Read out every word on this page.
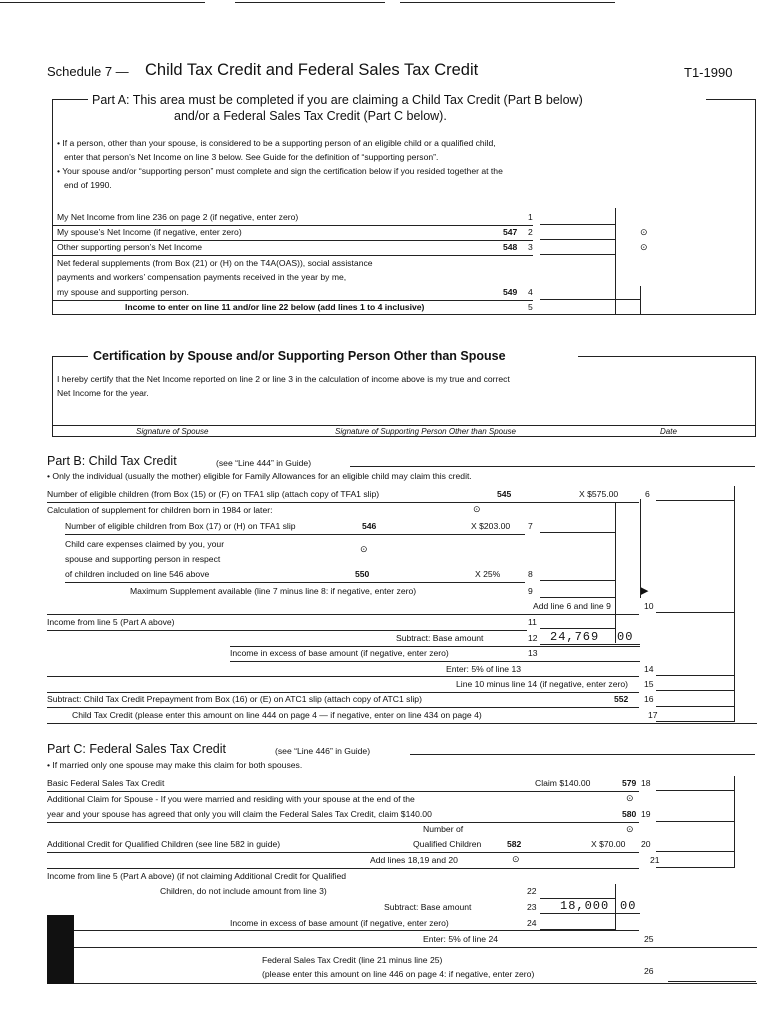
Schedule 7 — Child Tax Credit and Federal Sales Tax Credit	T1-1990
Part A: This area must be completed if you are claiming a Child Tax Credit (Part B below)
and/or a Federal Sales Tax Credit (Part C below).
• If a person, other than your spouse, is considered to be a supporting person of an eligible child or a qualified child,
enter that person’s Net Income on line 3 below. See Guide for the definition of “supporting person”.
• Your spouse and/or “supporting person” must complete and sign the certification below if you resided together at the
end of 1990.
My Net Income from line 236 on page 2 (if negative, enter zero)	1
My spouse’s Net Income (if negative, enter zero)	547 2	⊙
Other supporting person’s Net Income	548 3	⊙
Net federal supplements (from Box (21) or (H) on the T4A(OAS)), social assistance
payments and workers’ compensation payments received in the year by me,
my spouse and supporting person.	549 4
Income to enter on line 11 and/or line 22 below (add lines 1 to 4 inclusive)	5
Certification by Spouse and/or Supporting Person Other than Spouse
I hereby certify that the Net Income reported on line 2 or line 3 in the calculation of income above is my true and correct
Net Income for the year.
Signature of Spouse	Signature of Supporting Person Other than Spouse	Date
Part B: Child Tax Credit	(see “Line 444” in Guide)
• Only the individual (usually the mother) eligible for Family Allowances for an eligible child may claim this credit.
Number of eligible children (from Box (15) or (F) on TFA1 slip (attach copy of TFA1 slip)	545	X $575.00	6
Calculation of supplement for children born in 1984 or later:	⊙
Number of eligible children from Box (17) or (H) on TFA1 slip	546	X $203.00 7
Child care expenses claimed by you, your	⊙
spouse and supporting person in respect
of children included on line 546 above	550	X 25%	8
Maximum Supplement available (line 7 minus line 8: if negative, enter zero)	9	▶
Add line 6 and line 9	10
Income from line 5 (Part A above)	11
Subtract: Base amount	12 24,769 00
Income in excess of base amount (if negative, enter zero)	13
Enter: 5% of line 13	14
Line 10 minus line 14 (if negative, enter zero) 15
Subtract: Child Tax Credit Prepayment from Box (16) or (E) on ATC1 slip (attach copy of ATC1 slip)	552 16
Child Tax Credit (please enter this amount on line 444 on page 4 — if negative, enter on line 434 on page 4)	17
Part C: Federal Sales Tax Credit	(see “Line 446” in Guide)
• If married only one spouse may make this claim for both spouses.
Basic Federal Sales Tax Credit	Claim $140.00	579 18
Additional Claim for Spouse - If you were married and residing with your spouse at the end of the	⊙
year and your spouse has agreed that only you will claim the Federal Sales Tax Credit, claim $140.00	580 19
Number of	⊙
Additional Credit for Qualified Children (see line 582 in guide)	Qualified Children	582	X $70.00 20
Add lines 18,19 and 20	⊙	21
Income from line 5 (Part A above) (if not claiming Additional Credit for Qualified
Children, do not include amount from line 3)	22
Subtract: Base amount	23 18,000 00
Income in excess of base amount (if negative, enter zero)	24
Enter: 5% of line 24	25
Federal Sales Tax Credit (line 21 minus line 25)
(please enter this amount on line 446 on page 4: if negative, enter zero)	26
